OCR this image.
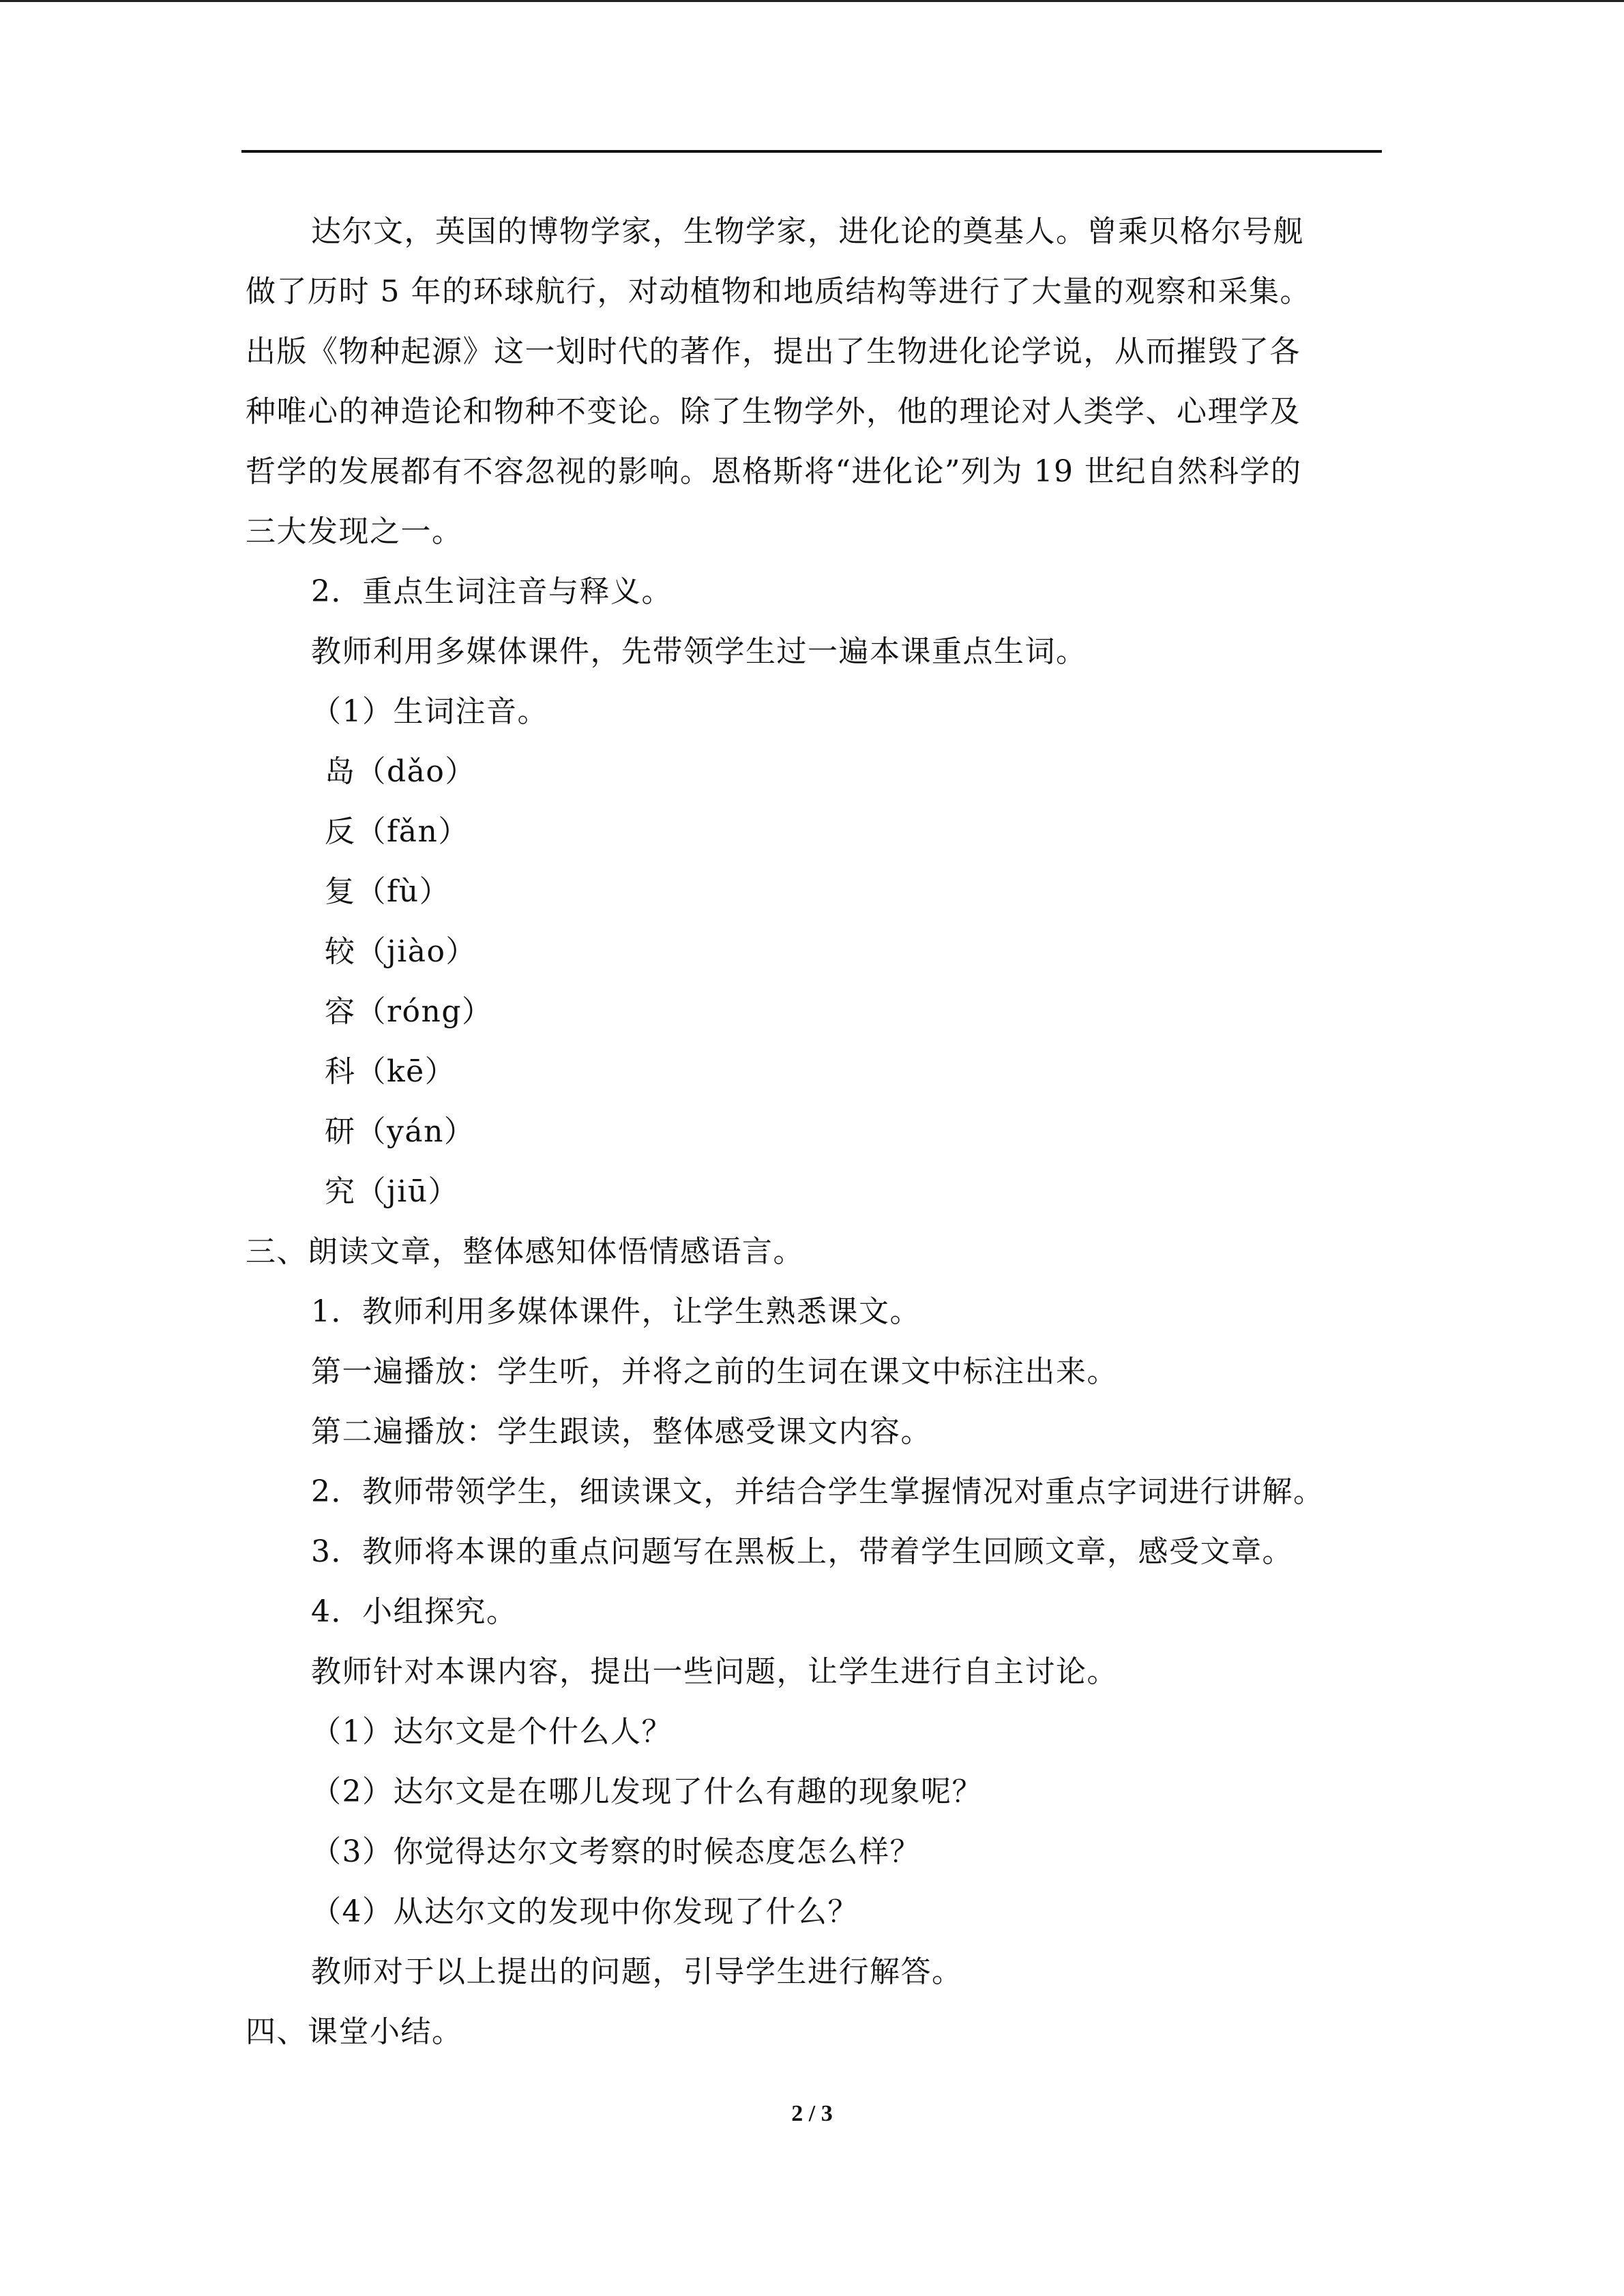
达尔文，英国的博物学家，生物学家，进化论的奠基人。曾乘贝格尔号舰
做了历时 5 年的环球航行，对动植物和地质结构等进行了大量的观察和采集。
出版《物种起源》这一划时代的著作，提出了生物进化论学说，从而摧毁了各
种唯心的神造论和物种不变论。除了生物学外，他的理论对人类学、心理学及
哲学的发展都有不容忽视的影响。恩格斯将“进化论”列为 19 世纪自然科学的
三大发现之一。
2．重点生词注音与释义。
教师利用多媒体课件，先带领学生过一遍本课重点生词。
（1）生词注音。
岛（dǎo）
反（fǎn）
复（fù）
较（jiào）
容（róng）
科（kē）
研（yán）
究（jiū）
三、朗读文章，整体感知体悟情感语言。
1．教师利用多媒体课件，让学生熟悉课文。
第一遍播放：学生听，并将之前的生词在课文中标注出来。
第二遍播放：学生跟读，整体感受课文内容。
2．教师带领学生，细读课文，并结合学生掌握情况对重点字词进行讲解。
3．教师将本课的重点问题写在黑板上，带着学生回顾文章，感受文章。
4．小组探究。
教师针对本课内容，提出一些问题，让学生进行自主讨论。
（1）达尔文是个什么人？
（2）达尔文是在哪儿发现了什么有趣的现象呢？
（3）你觉得达尔文考察的时候态度怎么样？
（4）从达尔文的发现中你发现了什么？
教师对于以上提出的问题，引导学生进行解答。
四、课堂小结。
2 / 3
